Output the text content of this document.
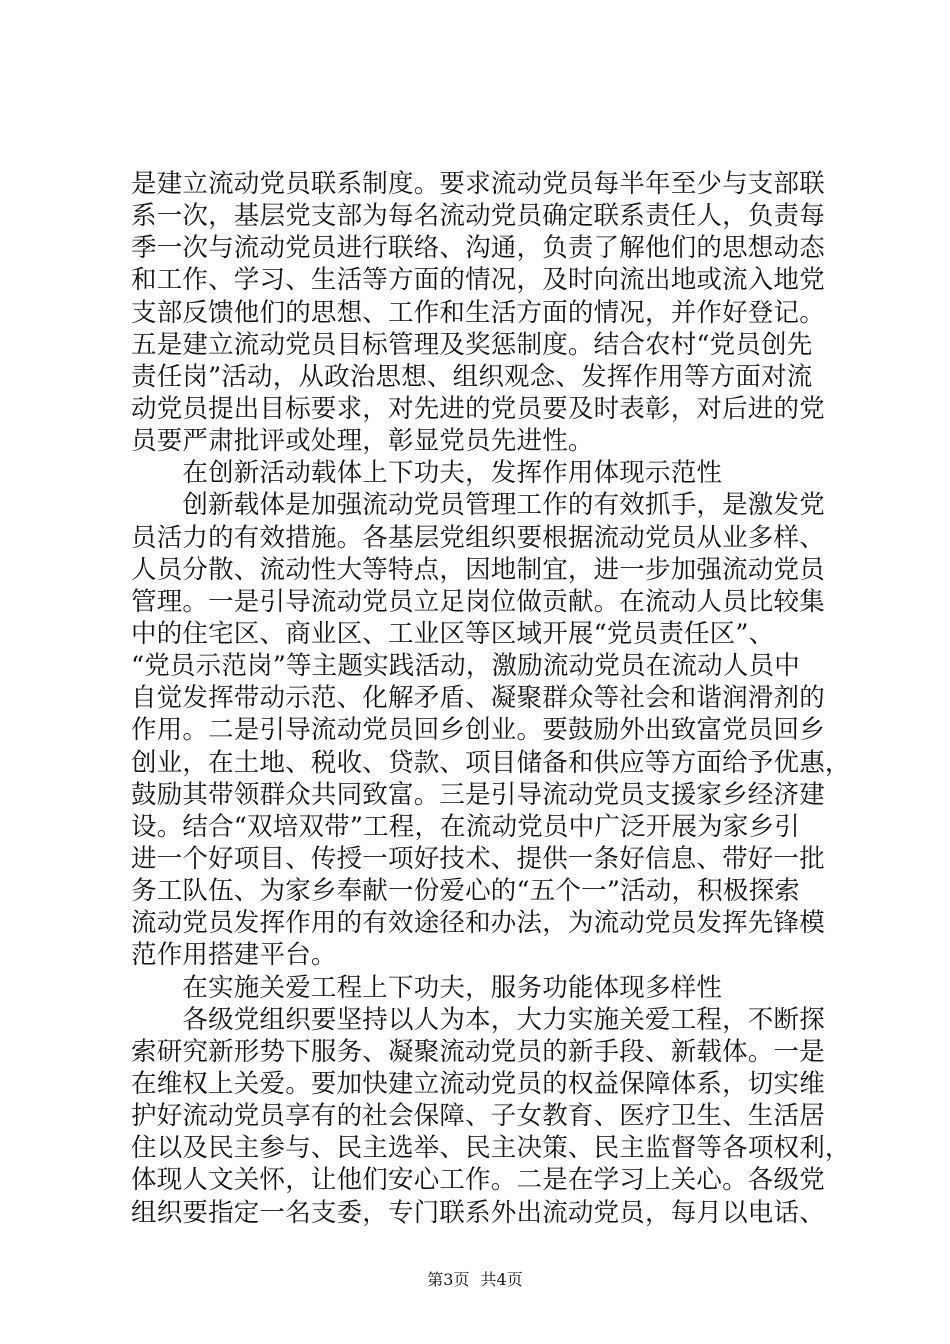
是建立流动党员联系制度。要求流动党员每半年至少与支部联
系一次，基层党支部为每名流动党员确定联系责任人，负责每
季一次与流动党员进行联络、沟通，负责了解他们的思想动态
和工作、学习、生活等方面的情况，及时向流出地或流入地党
支部反馈他们的思想、工作和生活方面的情况，并作好登记。
五是建立流动党员目标管理及奖惩制度。结合农村“党员创先
责任岗”活动，从政治思想、组织观念、发挥作用等方面对流
动党员提出目标要求，对先进的党员要及时表彰，对后进的党
员要严肃批评或处理，彰显党员先进性。
　　在创新活动载体上下功夫，发挥作用体现示范性
　　创新载体是加强流动党员管理工作的有效抓手，是激发党
员活力的有效措施。各基层党组织要根据流动党员从业多样、
人员分散、流动性大等特点，因地制宜，进一步加强流动党员
管理。一是引导流动党员立足岗位做贡献。在流动人员比较集
中的住宅区、商业区、工业区等区域开展“党员责任区”、
“党员示范岗”等主题实践活动，激励流动党员在流动人员中
自觉发挥带动示范、化解矛盾、凝聚群众等社会和谐润滑剂的
作用。二是引导流动党员回乡创业。要鼓励外出致富党员回乡
创业，在土地、税收、贷款、项目储备和供应等方面给予优惠，
鼓励其带领群众共同致富。三是引导流动党员支援家乡经济建
设。结合“双培双带”工程，在流动党员中广泛开展为家乡引
进一个好项目、传授一项好技术、提供一条好信息、带好一批
务工队伍、为家乡奉献一份爱心的“五个一”活动，积极探索
流动党员发挥作用的有效途径和办法，为流动党员发挥先锋模
范作用搭建平台。
　　在实施关爱工程上下功夫，服务功能体现多样性
　　各级党组织要坚持以人为本，大力实施关爱工程，不断探
索研究新形势下服务、凝聚流动党员的新手段、新载体。一是
在维权上关爱。要加快建立流动党员的权益保障体系，切实维
护好流动党员享有的社会保障、子女教育、医疗卫生、生活居
住以及民主参与、民主选举、民主决策、民主监督等各项权利，
体现人文关怀，让他们安心工作。二是在学习上关心。各级党
组织要指定一名支委，专门联系外出流动党员，每月以电话、
第3页 共4页
